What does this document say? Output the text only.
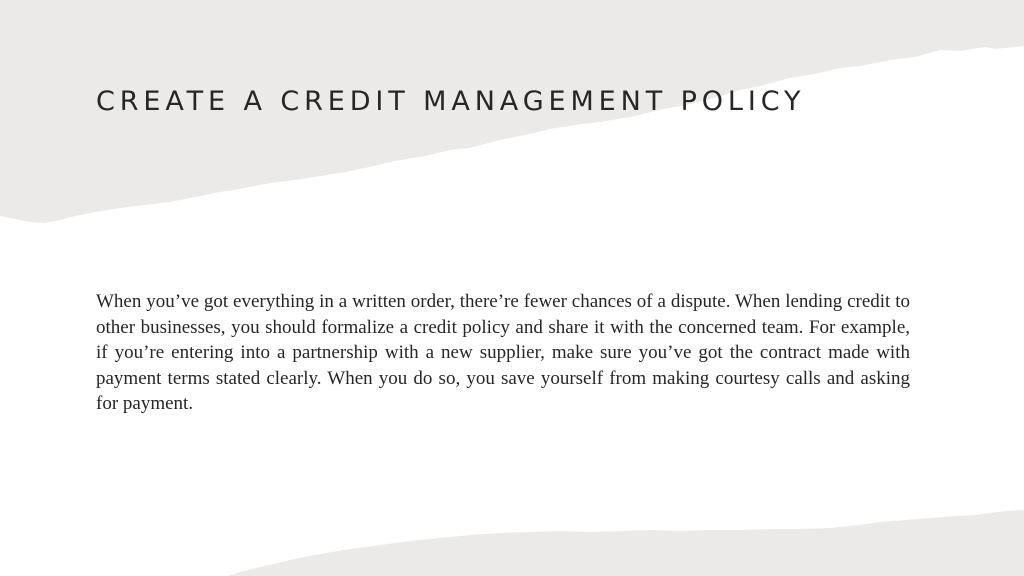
CREATE A CREDIT MANAGEMENT POLICY

When you’ve got everything in a written order, there’re fewer chances of a dispute. When lending credit to other businesses, you should formalize a credit policy and share it with the concerned team. For example, if you’re entering into a partnership with a new supplier, make sure you’ve got the contract made with payment terms stated clearly. When you do so, you save yourself from making courtesy calls and asking for payment.
